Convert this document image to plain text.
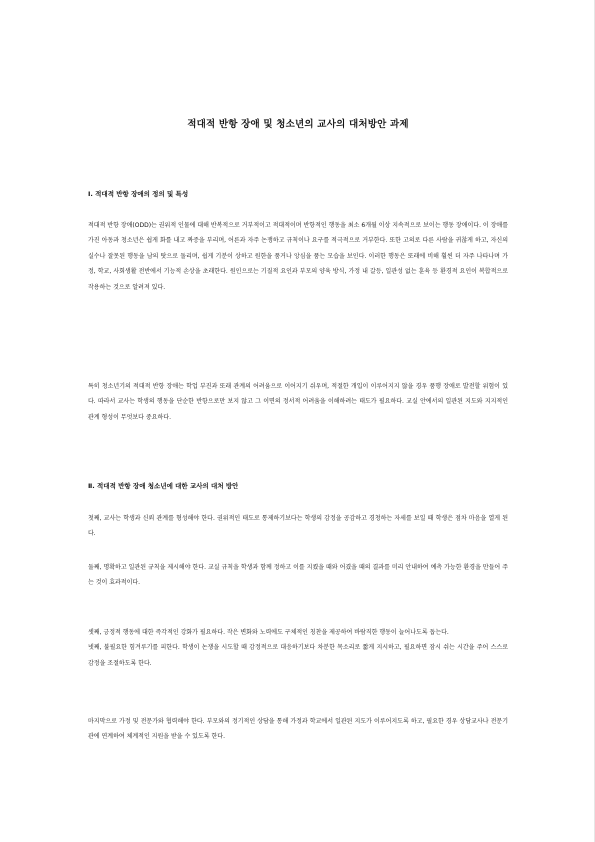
적대적 반항 장애 및 청소년의 교사의 대처방안 과제
Ⅰ. 적대적 반항 장애의 정의 및 특성

적대적 반항 장애(ODD)는 권위적 인물에 대해 반복적으로 거부적이고 적대적이며 반항적인 행동을 최소 6개월 이상 지속적으로 보이는 행동 장애이다. 이 장애를 가진 아동과 청소년은 쉽게 화를 내고 짜증을 부리며, 어른과 자주 논쟁하고 규칙이나 요구를 적극적으로 거부한다. 또한 고의로 다른 사람을 귀찮게 하고, 자신의 실수나 잘못된 행동을 남의 탓으로 돌리며, 쉽게 기분이 상하고 원한을 품거나 앙심을 품는 모습을 보인다. 이러한 행동은 또래에 비해 훨씬 더 자주 나타나며 가정, 학교, 사회생활 전반에서 기능적 손상을 초래한다. 원인으로는 기질적 요인과 부모의 양육 방식, 가정 내 갈등, 일관성 없는 훈육 등 환경적 요인이 복합적으로 작용하는 것으로 알려져 있다.

특히 청소년기의 적대적 반항 장애는 학업 부진과 또래 관계의 어려움으로 이어지기 쉬우며, 적절한 개입이 이루어지지 않을 경우 품행 장애로 발전할 위험이 있다. 따라서 교사는 학생의 행동을 단순한 반항으로만 보지 않고 그 이면의 정서적 어려움을 이해하려는 태도가 필요하다. 교실 안에서의 일관된 지도와 지지적인 관계 형성이 무엇보다 중요하다.

Ⅱ. 적대적 반항 장애 청소년에 대한 교사의 대처 방안

첫째, 교사는 학생과 신뢰 관계를 형성해야 한다. 권위적인 태도로 통제하기보다는 학생의 감정을 공감하고 경청하는 자세를 보일 때 학생은 점차 마음을 열게 된다.

둘째, 명확하고 일관된 규칙을 제시해야 한다. 교실 규칙을 학생과 함께 정하고 이를 지켰을 때와 어겼을 때의 결과를 미리 안내하여 예측 가능한 환경을 만들어 주는 것이 효과적이다.

셋째, 긍정적 행동에 대한 즉각적인 강화가 필요하다. 작은 변화와 노력에도 구체적인 칭찬을 제공하여 바람직한 행동이 늘어나도록 돕는다.
넷째, 불필요한 힘겨루기를 피한다. 학생이 논쟁을 시도할 때 감정적으로 대응하기보다 차분한 목소리로 짧게 지시하고, 필요하면 잠시 쉬는 시간을 주어 스스로 감정을 조절하도록 한다.

마지막으로 가정 및 전문가와 협력해야 한다. 부모와의 정기적인 상담을 통해 가정과 학교에서 일관된 지도가 이루어지도록 하고, 필요한 경우 상담교사나 전문기관에 연계하여 체계적인 지원을 받을 수 있도록 한다.
